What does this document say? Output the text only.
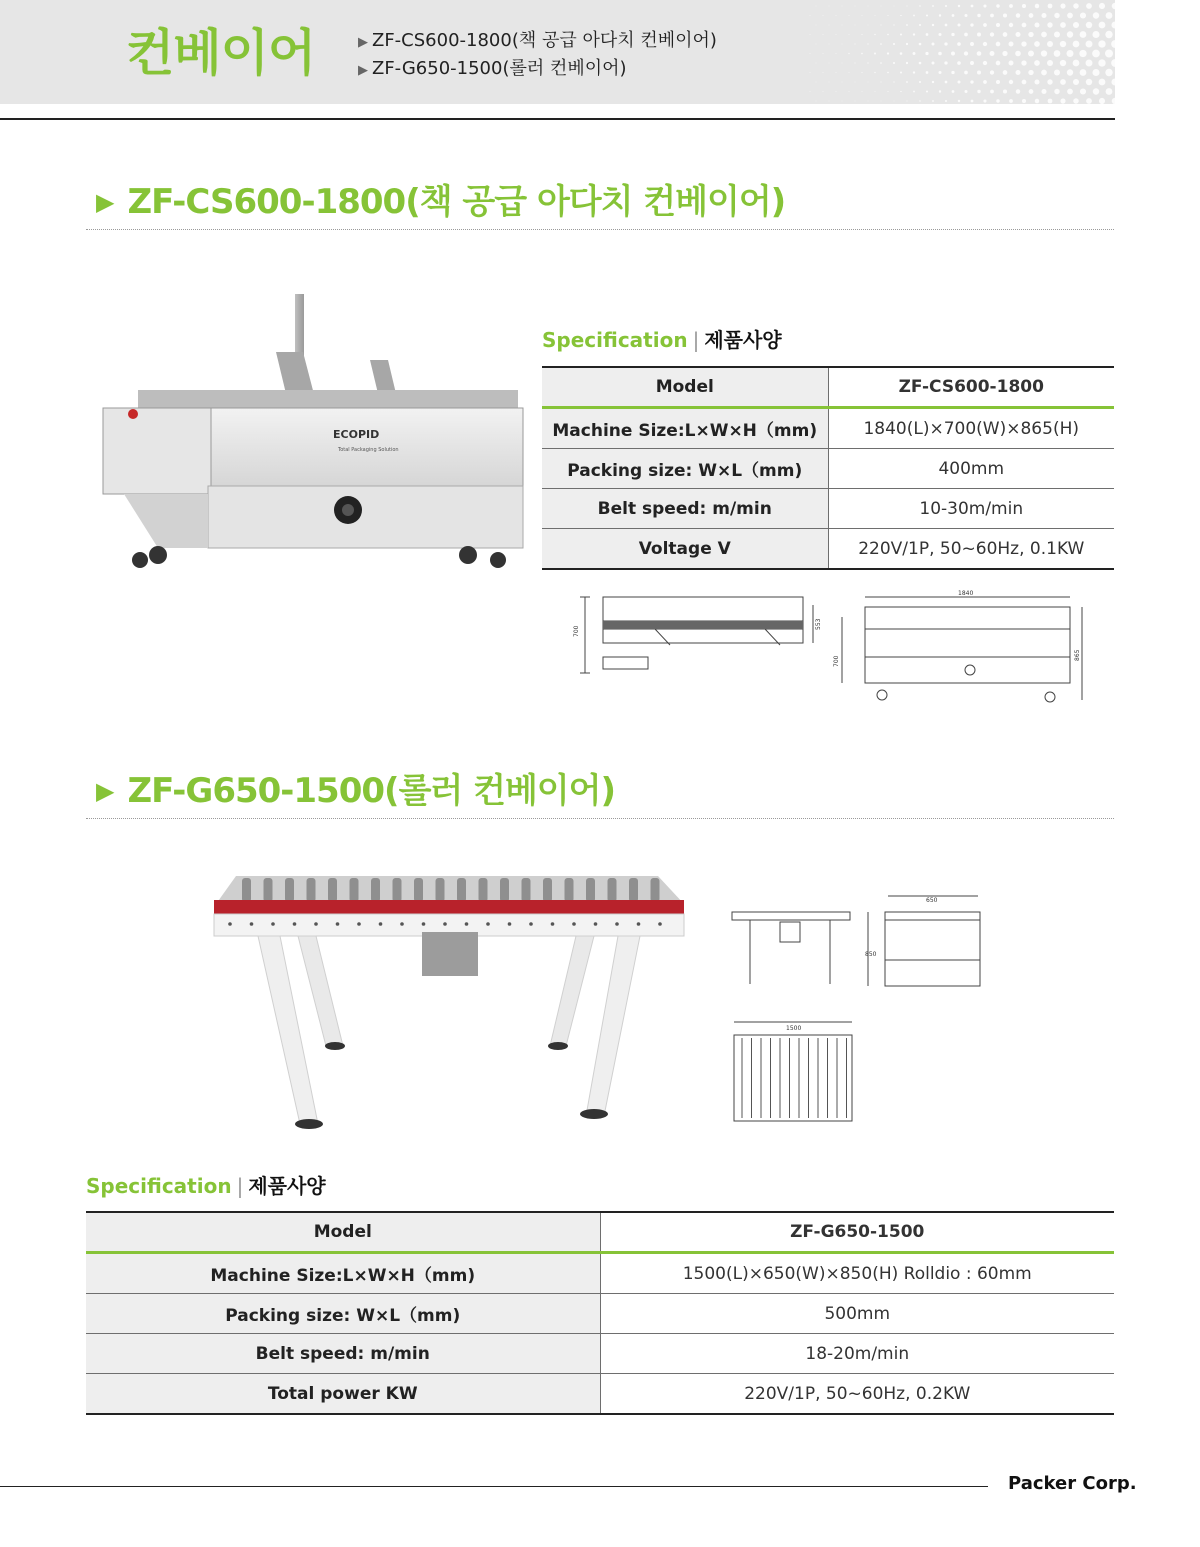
컨베이어	▶ ZF-CS600-1800(책 공급 아다치 컨베이어)
▶ ZF-G650-1500(롤러 컨베이어)
▶ ZF-CS600-1800(책 공급 아다치 컨베이어)
ECOPID
Total Packaging Solution
Specification | 제품사양
Model	ZF-CS600-1800
Machine Size:L×W×H（mm)	1840(L)×700(W)×865(H)
Packing size: W×L（mm)	400mm
Belt speed: m/min	10-30m/min
Voltage V	220V/1P, 50~60Hz, 0.1KW
700
553
1840
700
865
▶ ZF-G650-1500(롤러 컨베이어)
650
850
1500
Specification | 제품사양
Model	ZF-G650-1500
Machine Size:L×W×H（mm)	1500(L)×650(W)×850(H) Rolldio : 60mm
Packing size: W×L（mm)	500mm
Belt speed: m/min	18-20m/min
Total power KW	220V/1P, 50~60Hz, 0.2KW
Packer Corp.
